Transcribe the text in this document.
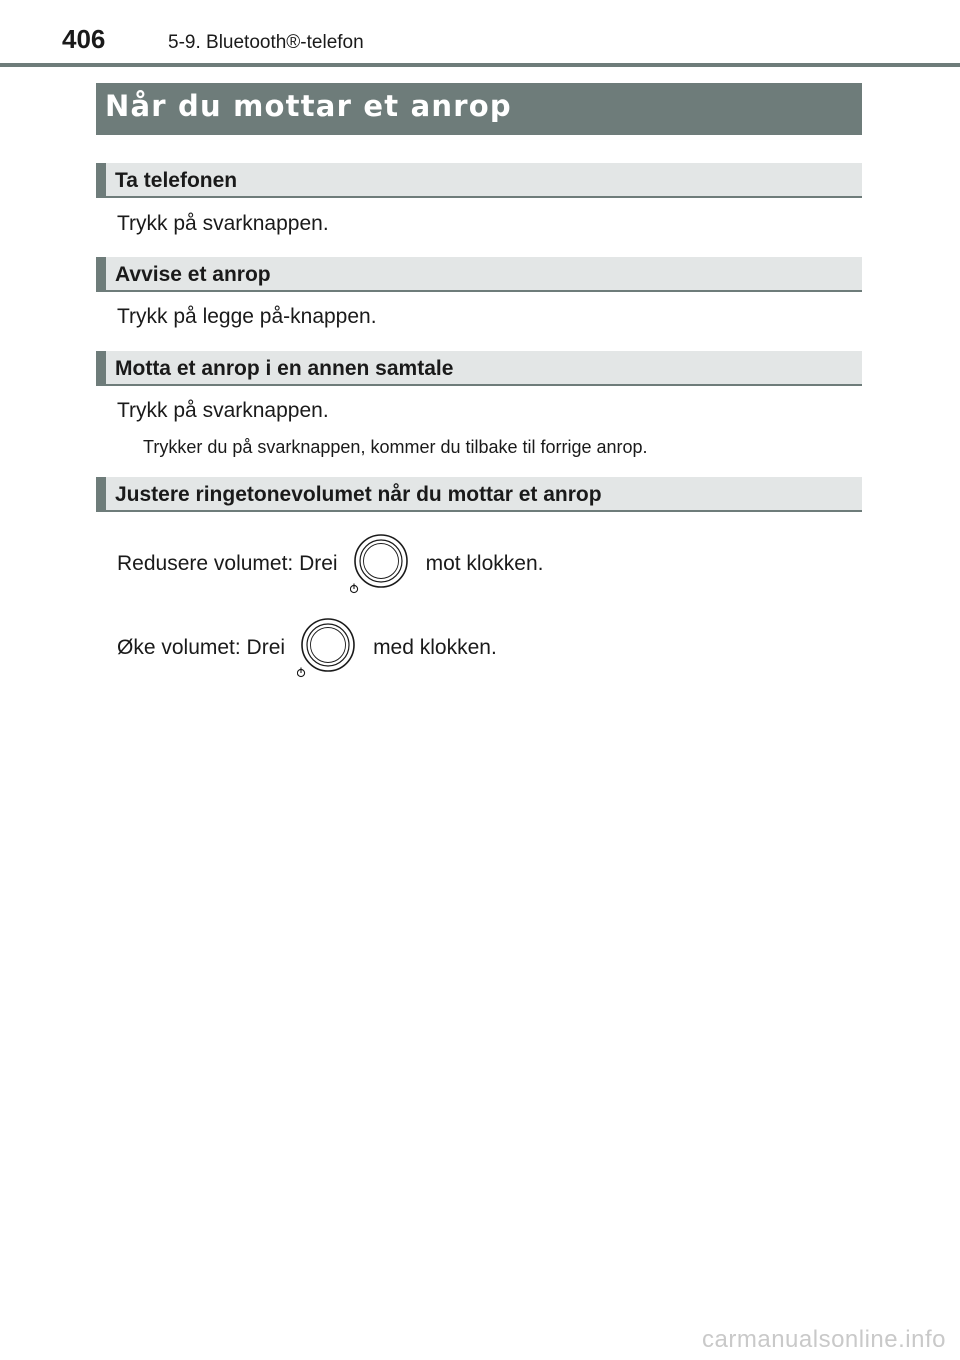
406	5-9. Bluetooth®-telefon
Når du mottar et anrop
Ta telefonen
Trykk på svarknappen.
Avvise et anrop
Trykk på legge på-knappen.
Motta et anrop i en annen samtale
Trykk på svarknappen.
Trykker du på svarknappen, kommer du tilbake til forrige anrop.
Justere ringetonevolumet når du mottar et anrop
Redusere volumet: Drei	mot klokken.
Øke volumet: Drei	med klokken.
carmanualsonline.info
